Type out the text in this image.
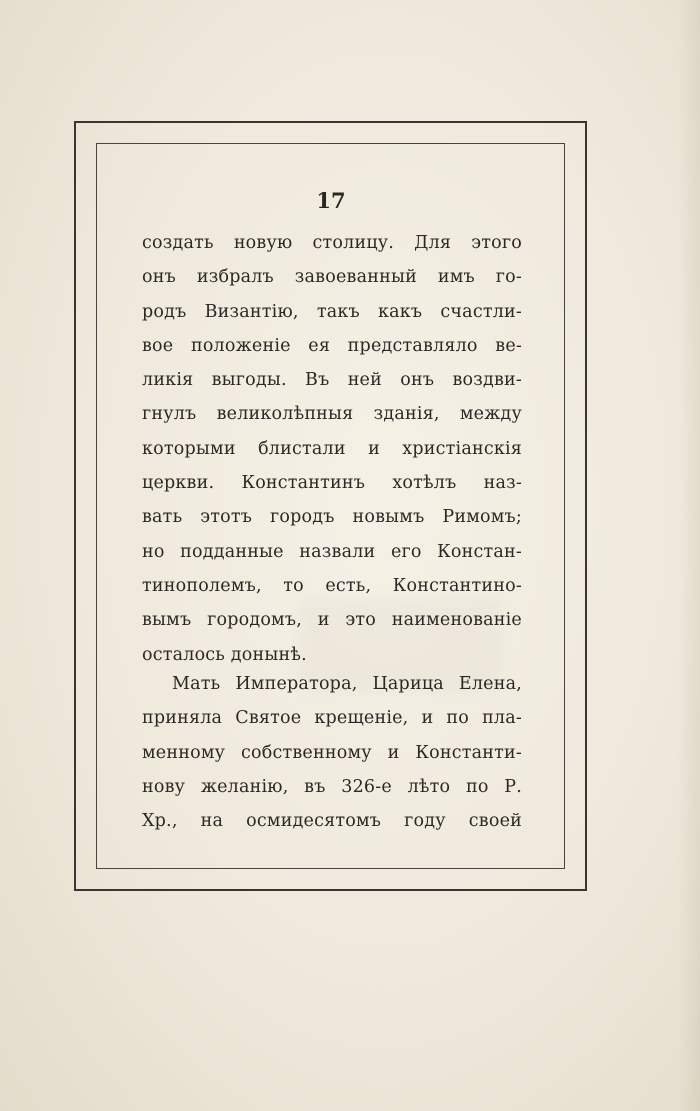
17
создать новую столицу. Для этого
онъ избралъ завоеванный имъ го-
родъ Византію, такъ какъ счастли-
вое положеніе ея представляло ве-
ликія выгоды. Въ ней онъ воздви-
гнулъ великолѣпныя зданія, между
которыми блистали и христіанскія
церкви. Константинъ хотѣлъ наз-
вать этотъ городъ новымъ Римомъ;
но подданные назвали его Констан-
тинополемъ, то есть, Константино-
вымъ городомъ, и это наименованіе
осталось донынѣ.
Мать Императора, Царица Елена,
приняла Святое крещеніе, и по пла-
менному собственному и Константи-
нову желанію, въ 326-е лѣто по Р.
Хр., на осмидесятомъ году своей
